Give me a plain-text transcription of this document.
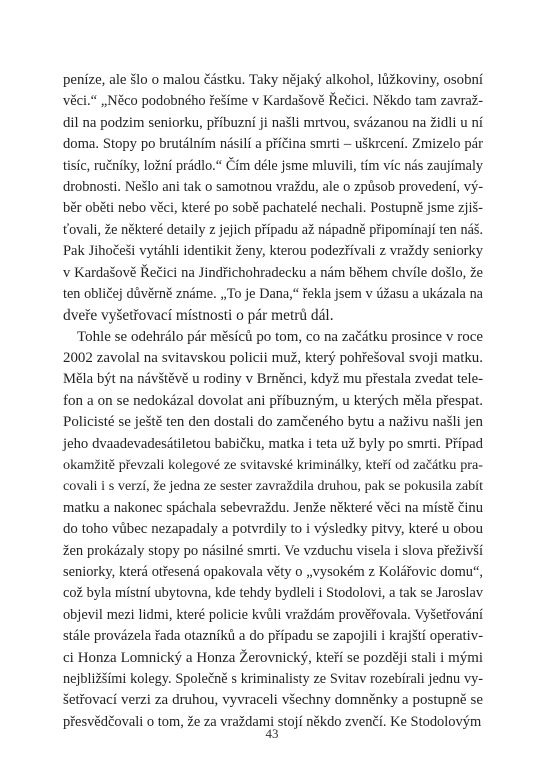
peníze, ale šlo o malou částku. Taky nějaký alkohol, lůžkoviny, osobní
věci.“ „Něco podobného řešíme v Kardašově Řečici. Někdo tam zavraž-
dil na podzim seniorku, příbuzní ji našli mrtvou, svázanou na židli u ní
doma. Stopy po brutálním násilí a příčina smrti – uškrcení. Zmizelo pár
tisíc, ručníky, ložní prádlo.“ Čím déle jsme mluvili, tím víc nás zaujímaly
drobnosti. Nešlo ani tak o samotnou vraždu, ale o způsob provedení, vý-
běr oběti nebo věci, které po sobě pachatelé nechali. Postupně jsme zjiš-
ťovali, že některé detaily z jejich případu až nápadně připomínají ten náš.
Pak Jihočeši vytáhli identikit ženy, kterou podezřívali z vraždy seniorky
v Kardašově Řečici na Jindřichohradecku a nám během chvíle došlo, že
ten obličej důvěrně známe. „To je Dana,“ řekla jsem v úžasu a ukázala na
dveře vyšetřovací místnosti o pár metrů dál.
Tohle se odehrálo pár měsíců po tom, co na začátku prosince v roce
2002 zavolal na svitavskou policii muž, který pohřešoval svoji matku.
Měla být na návštěvě u rodiny v Brněnci, když mu přestala zvedat tele-
fon a on se nedokázal dovolat ani příbuzným, u kterých měla přespat.
Policisté se ještě ten den dostali do zamčeného bytu a naživu našli jen
jeho dvaadevadesátiletou babičku, matka i teta už byly po smrti. Případ
okamžitě převzali kolegové ze svitavské kriminálky, kteří od začátku pra-
covali i s verzí, že jedna ze sester zavraždila druhou, pak se pokusila zabít
matku a nakonec spáchala sebevraždu. Jenže některé věci na místě činu
do toho vůbec nezapadaly a potvrdily to i výsledky pitvy, které u obou
žen prokázaly stopy po násilné smrti. Ve vzduchu visela i slova přeživší
seniorky, která otřesená opakovala věty o „vysokém z Kolářovic domu“,
což byla místní ubytovna, kde tehdy bydleli i Stodolovi, a tak se Jaroslav
objevil mezi lidmi, které policie kvůli vraždám prověřovala. Vyšetřování
stále provázela řada otazníků a do případu se zapojili i krajští operativ-
ci Honza Lomnický a Honza Žerovnický, kteří se později stali i mými
nejbližšími kolegy. Společně s kriminalisty ze Svitav rozebírali jednu vy-
šetřovací verzi za druhou, vyvraceli všechny domněnky a postupně se
přesvědčovali o tom, že za vraždami stojí někdo zvenčí. Ke Stodolovým
43
